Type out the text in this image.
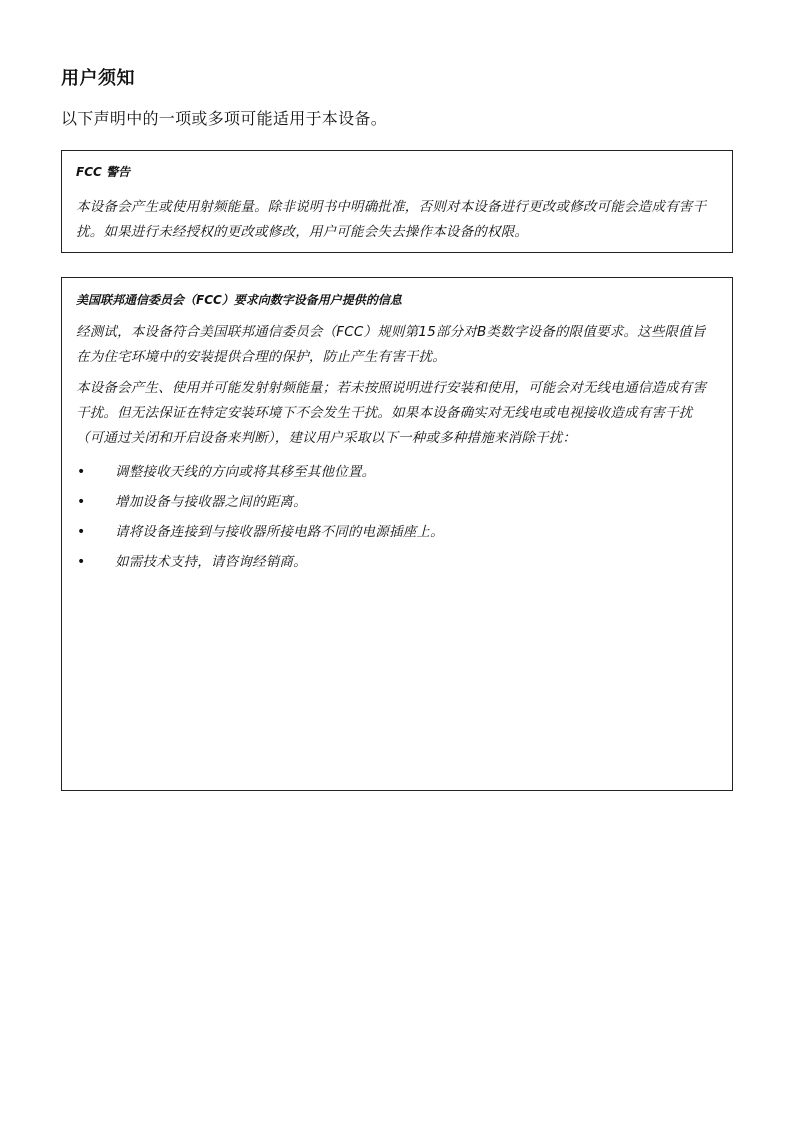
用户须知

以下声明中的一项或多项可能适用于本设备。

FCC 警告

本设备会产生或使用射频能量。除非说明书中明确批准，否则对本设备进行更改或修改可能会造成有害干扰。如果进行未经授权的更改或修改，用户可能会失去操作本设备的权限。

美国联邦通信委员会（FCC）要求向数字设备用户提供的信息

经测试，本设备符合美国联邦通信委员会（FCC）规则第15部分对B类数字设备的限值要求。这些限值旨在为住宅环境中的安装提供合理的保护，防止产生有害干扰。

本设备会产生、使用并可能发射射频能量；若未按照说明进行安装和使用，可能会对无线电通信造成有害干扰。但无法保证在特定安装环境下不会发生干扰。如果本设备确实对无线电或电视接收造成有害干扰（可通过关闭和开启设备来判断），建议用户采取以下一种或多种措施来消除干扰：

• 调整接收天线的方向或将其移至其他位置。
• 增加设备与接收器之间的距离。
• 请将设备连接到与接收器所接电路不同的电源插座上。
• 如需技术支持，请咨询经销商。
